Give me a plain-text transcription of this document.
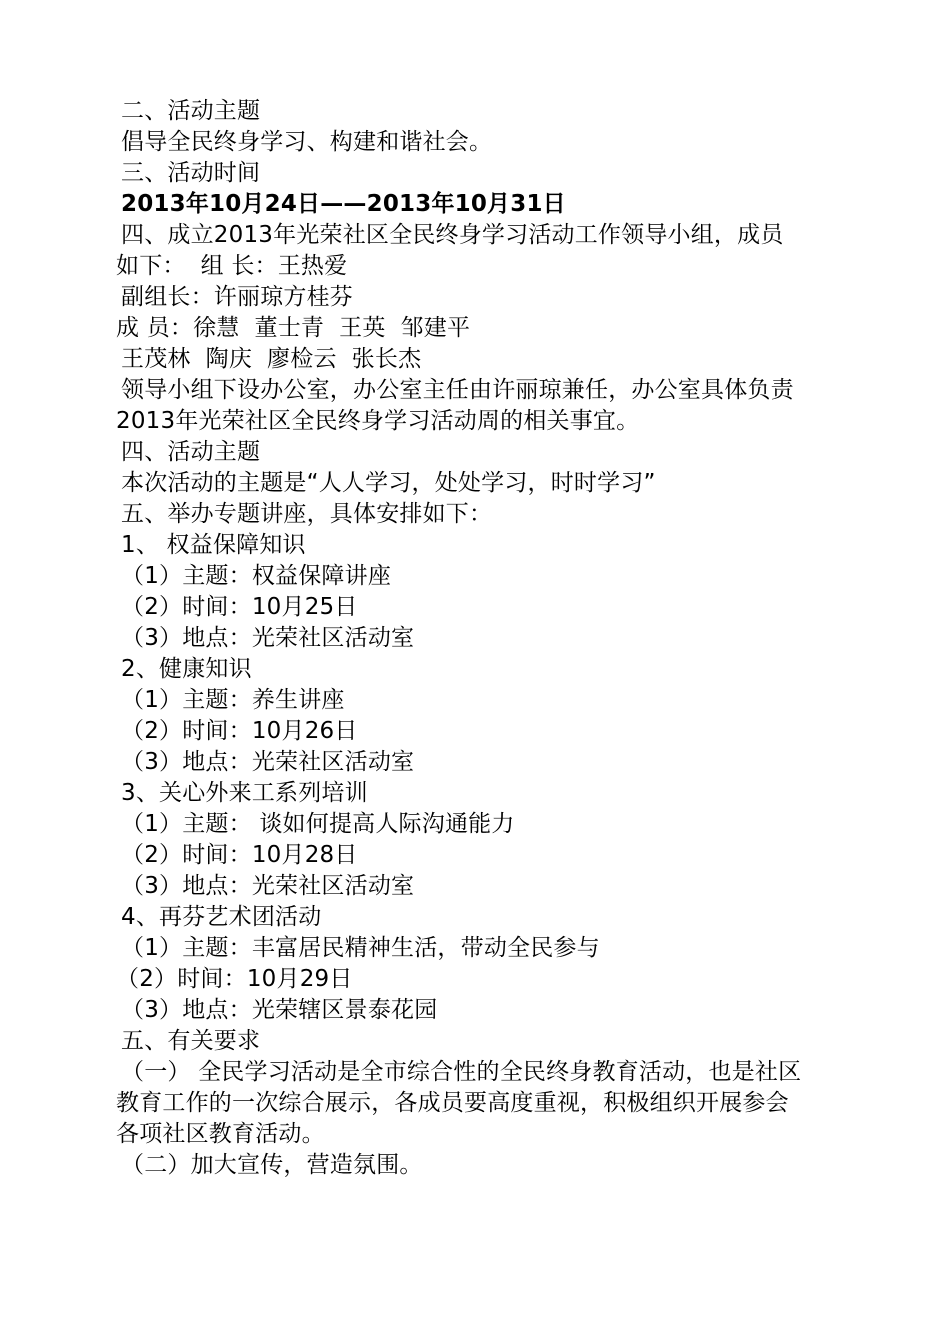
二、活动主题
倡导全民终身学习、构建和谐社会。
三、活动时间
2013年10月24日——2013年10月31日
四、成立2013年光荣社区全民终身学习活动工作领导小组，成员
如下：  组 长：王热爱
副组长：许丽琼方桂芬
成 员：徐慧  董士青  王英  邹建平
王茂林  陶庆  廖检云  张长杰
领导小组下设办公室，办公室主任由许丽琼兼任，办公室具体负责
2013年光荣社区全民终身学习活动周的相关事宜。
四、活动主题
本次活动的主题是“人人学习，处处学习，时时学习”
五、举办专题讲座，具体安排如下：
1、 权益保障知识
（1）主题：权益保障讲座
（2）时间：10月25日
（3）地点：光荣社区活动室
2、健康知识
（1）主题：养生讲座
（2）时间：10月26日
（3）地点：光荣社区活动室
3、关心外来工系列培训
（1）主题： 谈如何提高人际沟通能力
（2）时间：10月28日
（3）地点：光荣社区活动室
4、再芬艺术团活动
（1）主题：丰富居民精神生活，带动全民参与
（2）时间：10月29日
（3）地点：光荣辖区景泰花园
五、有关要求
（一） 全民学习活动是全市综合性的全民终身教育活动，也是社区
教育工作的一次综合展示，各成员要高度重视，积极组织开展参会
各项社区教育活动。
（二）加大宣传，营造氛围。
